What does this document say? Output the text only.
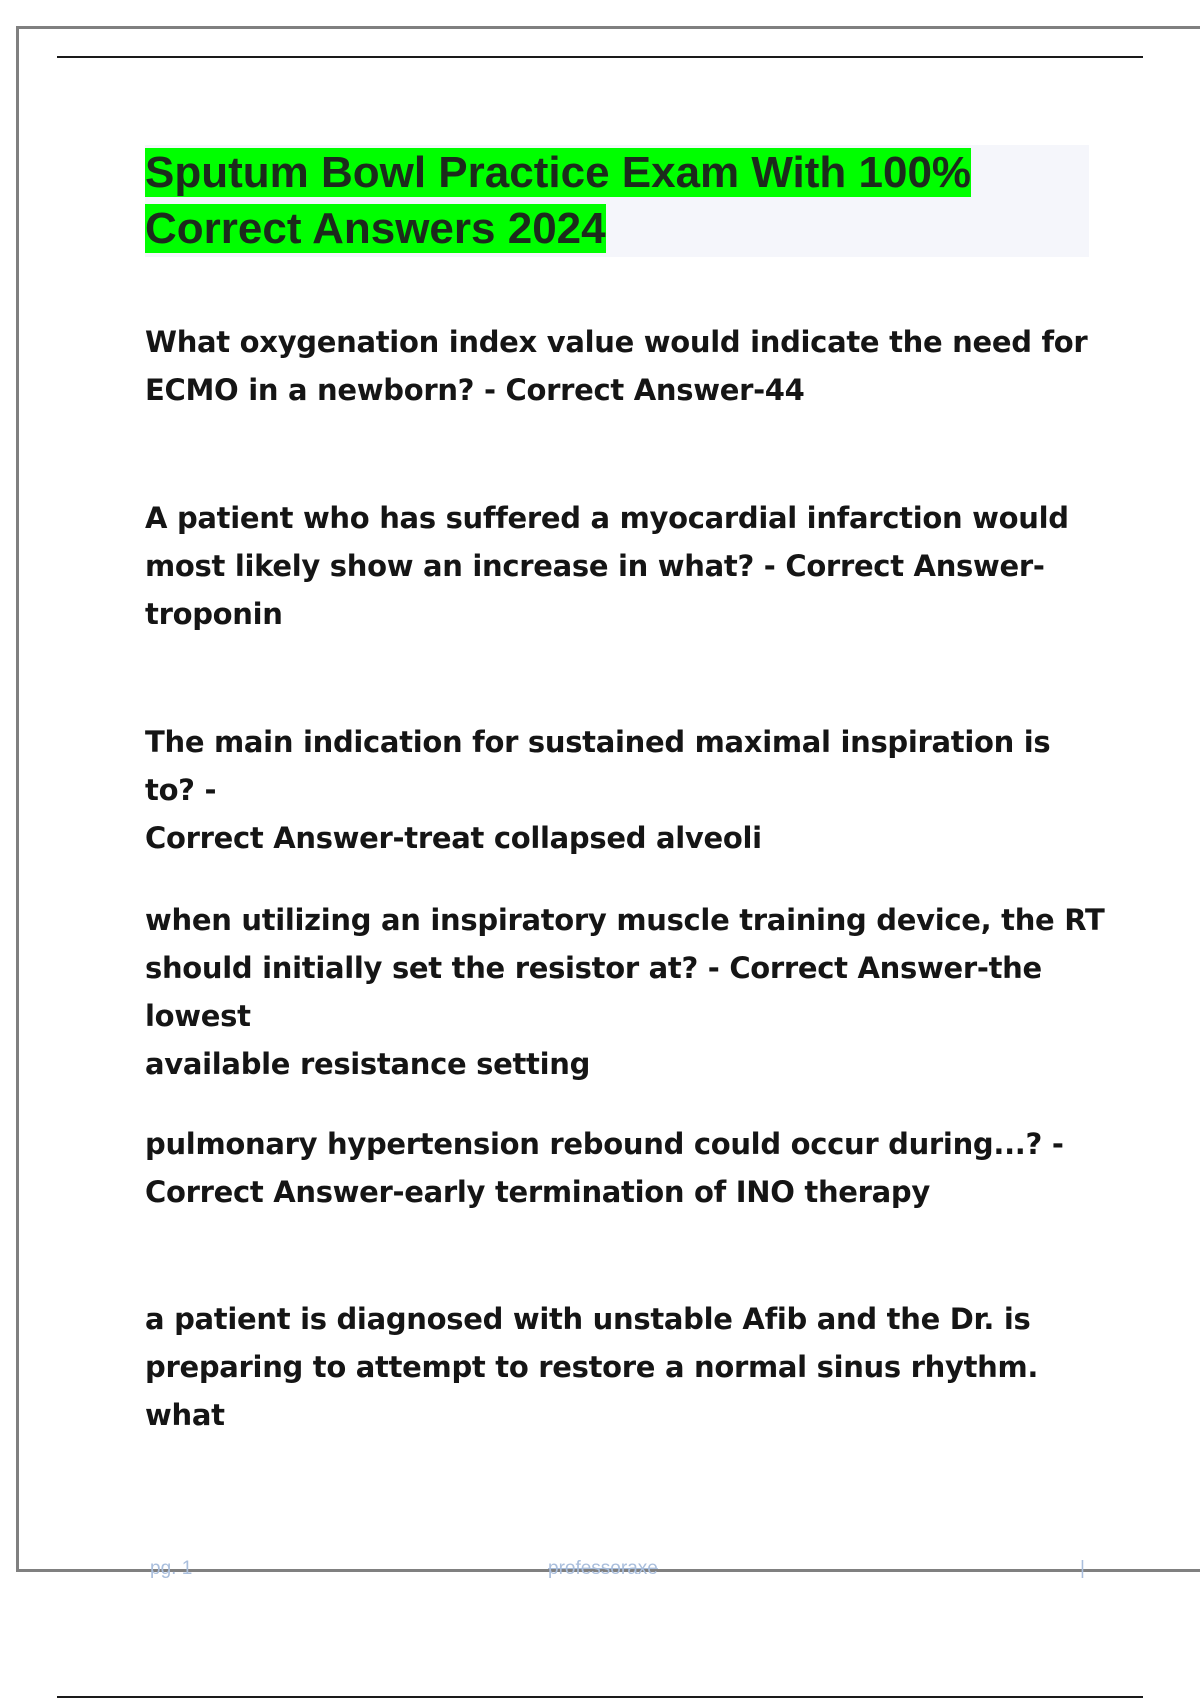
Sputum Bowl Practice Exam With 100%
Correct Answers 2024

What oxygenation index value would indicate the need for
ECMO in a newborn? - Correct Answer-44

A patient who has suffered a myocardial infarction would
most likely show an increase in what? - Correct Answer-
troponin

The main indication for sustained maximal inspiration is to? -
Correct Answer-treat collapsed alveoli

when utilizing an inspiratory muscle training device, the RT
should initially set the resistor at? - Correct Answer-the lowest
available resistance setting

pulmonary hypertension rebound could occur during...? -
Correct Answer-early termination of INO therapy

a patient is diagnosed with unstable Afib and the Dr. is
preparing to attempt to restore a normal sinus rhythm. what

pg. 1	professoraxe	|
